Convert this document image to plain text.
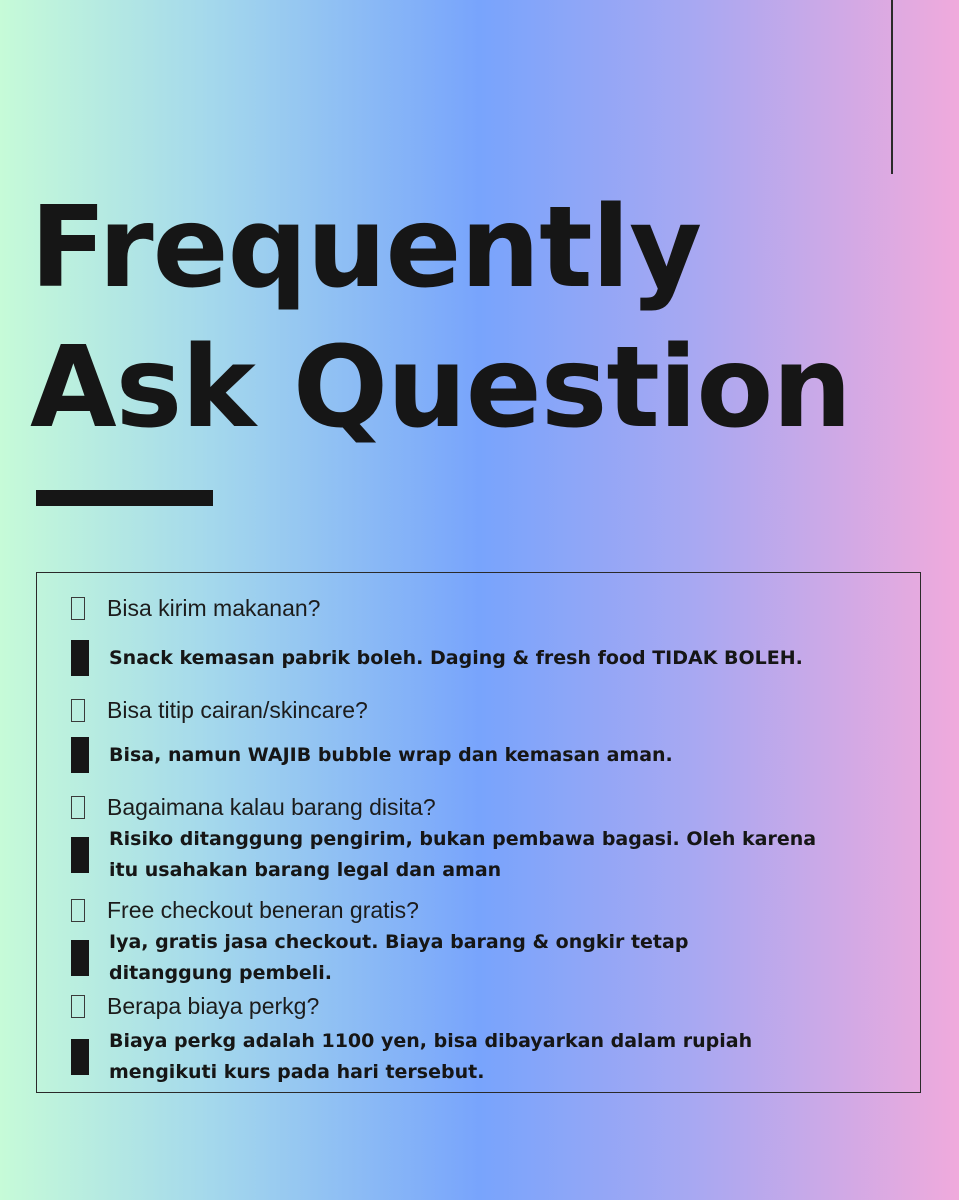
Frequently
Ask Question
Bisa kirim makanan?
Snack kemasan pabrik boleh. Daging & fresh food TIDAK BOLEH.
Bisa titip cairan/skincare?
Bisa, namun WAJIB bubble wrap dan kemasan aman.
Bagaimana kalau barang disita?
Risiko ditanggung pengirim, bukan pembawa bagasi. Oleh karena
itu usahakan barang legal dan aman
Free checkout beneran gratis?
Iya, gratis jasa checkout. Biaya barang & ongkir tetap
ditanggung pembeli.
Berapa biaya perkg?
Biaya perkg adalah 1100 yen, bisa dibayarkan dalam rupiah
mengikuti kurs pada hari tersebut.
